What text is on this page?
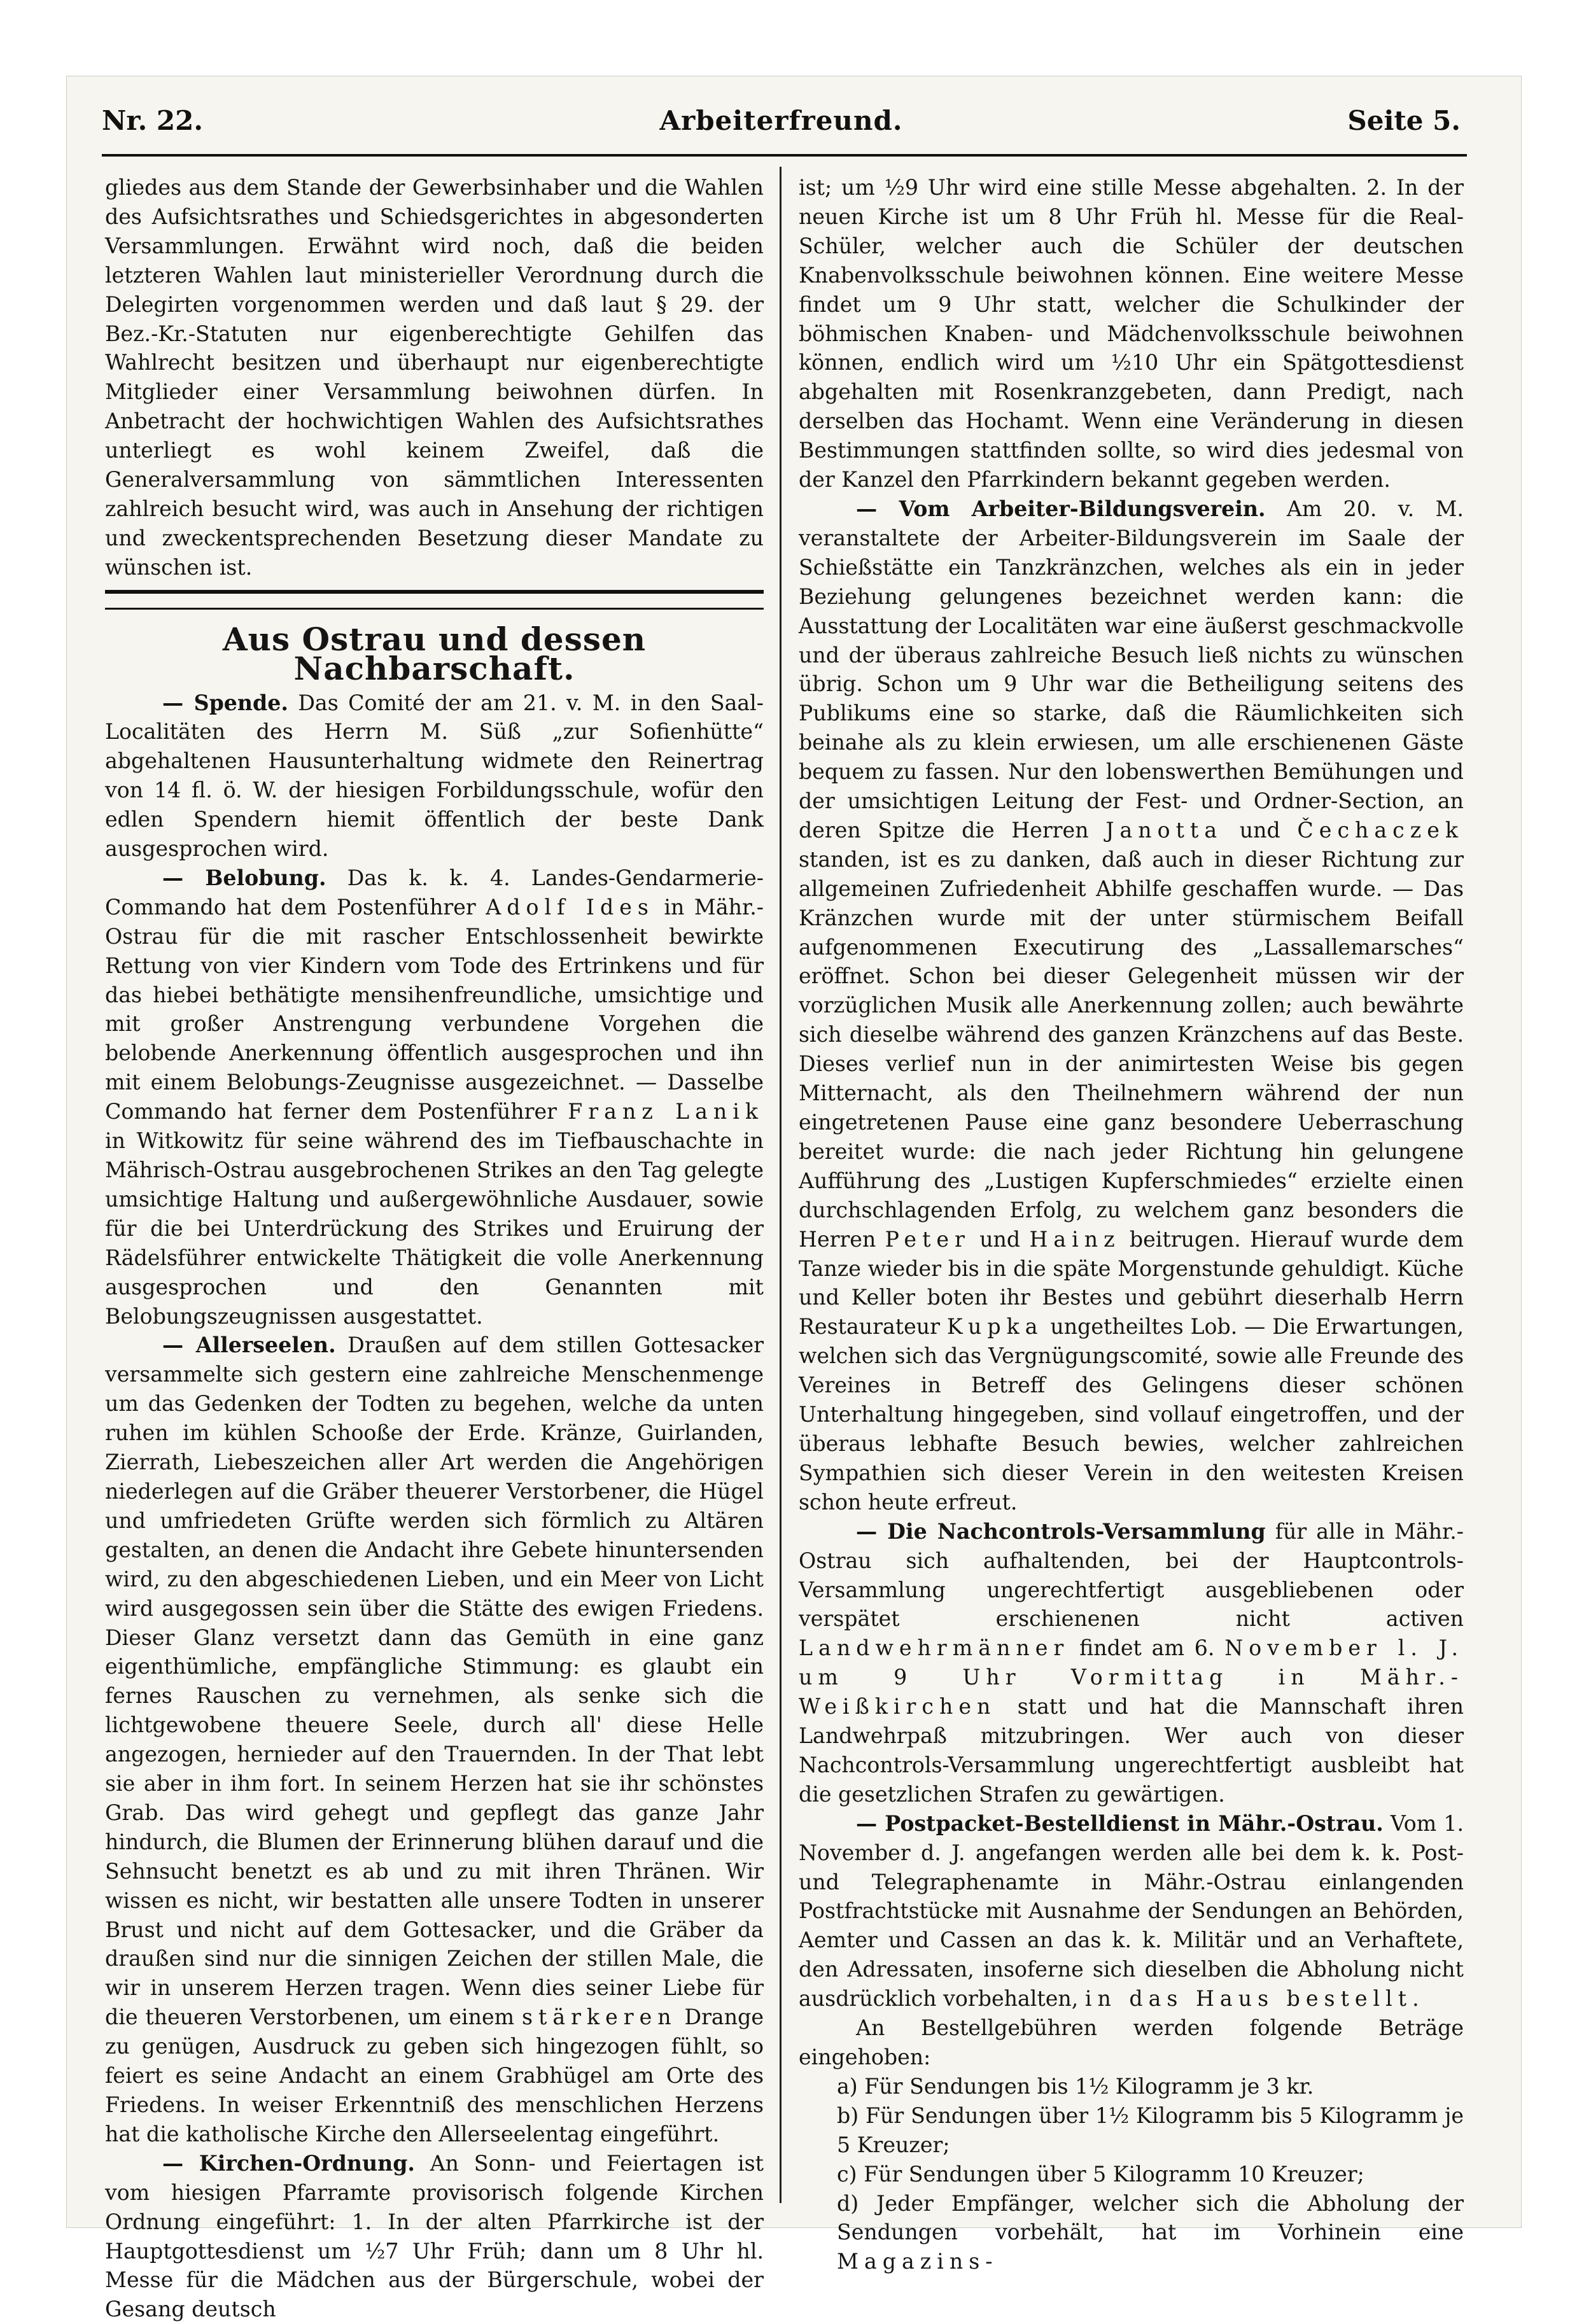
Nr. 22.	Arbeiterfreund.	Seite 5.

gliedes aus dem Stande der Gewerbsinhaber und die Wahlen des Aufsichtsrathes und Schiedsgerichtes in abgesonderten Versammlungen. Erwähnt wird noch, daß die beiden letzteren Wahlen laut ministerieller Verordnung durch die Delegirten vorgenommen werden und daß laut § 29. der Bez.-Kr.-Statuten nur eigenberechtigte Gehilfen das Wahlrecht besitzen und überhaupt nur eigenberechtigte Mitglieder einer Versammlung beiwohnen dürfen. In Anbetracht der hochwichtigen Wahlen des Aufsichtsrathes unterliegt es wohl keinem Zweifel, daß die Generalversammlung von sämmtlichen Interessenten zahlreich besucht wird, was auch in Ansehung der richtigen und zweckentsprechenden Besetzung dieser Mandate zu wünschen ist.

Aus Ostrau und dessen Nachbarschaft.

— Spende. Das Comité der am 21. v. M. in den Saal-Localitäten des Herrn M. Süß „zur Sofienhütte“ abgehaltenen Hausunterhaltung widmete den Reinertrag von 14 fl. ö. W. der hiesigen Forbildungsschule, wofür den edlen Spendern hiemit öffentlich der beste Dank ausgesprochen wird.

— Belobung. Das k. k. 4. Landes-Gendarmerie-Commando hat dem Postenführer Adolf Ides in Mähr.-Ostrau für die mit rascher Entschlossenheit bewirkte Rettung von vier Kindern vom Tode des Ertrinkens und für das hiebei bethätigte mensihenfreundliche, umsichtige und mit großer Anstrengung verbundene Vorgehen die belobende Anerkennung öffentlich ausgesprochen und ihn mit einem Belobungs-Zeugnisse ausgezeichnet. — Dasselbe Commando hat ferner dem Postenführer Franz Lanik in Witkowitz für seine während des im Tiefbauschachte in Mährisch-Ostrau ausgebrochenen Strikes an den Tag gelegte umsichtige Haltung und außergewöhnliche Ausdauer, sowie für die bei Unterdrückung des Strikes und Eruirung der Rädelsführer entwickelte Thätigkeit die volle Anerkennung ausgesprochen und den Genannten mit Belobungszeugnissen ausgestattet.

— Allerseelen. Draußen auf dem stillen Gottesacker versammelte sich gestern eine zahlreiche Menschenmenge um das Gedenken der Todten zu begehen, welche da unten ruhen im kühlen Schooße der Erde. Kränze, Guirlanden, Zierrath, Liebeszeichen aller Art werden die Angehörigen niederlegen auf die Gräber theuerer Verstorbener, die Hügel und umfriedeten Grüfte werden sich förmlich zu Altären gestalten, an denen die Andacht ihre Gebete hinuntersenden wird, zu den abgeschiedenen Lieben, und ein Meer von Licht wird ausgegossen sein über die Stätte des ewigen Friedens. Dieser Glanz versetzt dann das Gemüth in eine ganz eigenthümliche, empfängliche Stimmung: es glaubt ein fernes Rauschen zu vernehmen, als senke sich die lichtgewobene theuere Seele, durch all' diese Helle angezogen, hernieder auf den Trauernden. In der That lebt sie aber in ihm fort. In seinem Herzen hat sie ihr schönstes Grab. Das wird gehegt und gepflegt das ganze Jahr hindurch, die Blumen der Erinnerung blühen darauf und die Sehnsucht benetzt es ab und zu mit ihren Thränen. Wir wissen es nicht, wir bestatten alle unsere Todten in unserer Brust und nicht auf dem Gottesacker, und die Gräber da draußen sind nur die sinnigen Zeichen der stillen Male, die wir in unserem Herzen tragen. Wenn dies seiner Liebe für die theueren Verstorbenen, um einem stärkeren Drange zu genügen, Ausdruck zu geben sich hingezogen fühlt, so feiert es seine Andacht an einem Grabhügel am Orte des Friedens. In weiser Erkenntniß des menschlichen Herzens hat die katholische Kirche den Allerseelentag eingeführt.

— Kirchen-Ordnung. An Sonn- und Feiertagen ist vom hiesigen Pfarramte provisorisch folgende Kirchen Ordnung eingeführt: 1. In der alten Pfarrkirche ist der Hauptgottesdienst um ½7 Uhr Früh; dann um 8 Uhr hl. Messe für die Mädchen aus der Bürgerschule, wobei der Gesang deutsch

ist; um ½9 Uhr wird eine stille Messe abgehalten. 2. In der neuen Kirche ist um 8 Uhr Früh hl. Messe für die Real-Schüler, welcher auch die Schüler der deutschen Knabenvolksschule beiwohnen können. Eine weitere Messe findet um 9 Uhr statt, welcher die Schulkinder der böhmischen Knaben- und Mädchenvolksschule beiwohnen können, endlich wird um ½10 Uhr ein Spätgottesdienst abgehalten mit Rosenkranzgebeten, dann Predigt, nach derselben das Hochamt. Wenn eine Veränderung in diesen Bestimmungen stattfinden sollte, so wird dies jedesmal von der Kanzel den Pfarrkindern bekannt gegeben werden.

— Vom Arbeiter-Bildungsverein. Am 20. v. M. veranstaltete der Arbeiter-Bildungsverein im Saale der Schießstätte ein Tanzkränzchen, welches als ein in jeder Beziehung gelungenes bezeichnet werden kann: die Ausstattung der Localitäten war eine äußerst geschmackvolle und der überaus zahlreiche Besuch ließ nichts zu wünschen übrig. Schon um 9 Uhr war die Betheiligung seitens des Publikums eine so starke, daß die Räumlichkeiten sich beinahe als zu klein erwiesen, um alle erschienenen Gäste bequem zu fassen. Nur den lobenswerthen Bemühungen und der umsichtigen Leitung der Fest- und Ordner-Section, an deren Spitze die Herren Janotta und Čechaczek standen, ist es zu danken, daß auch in dieser Richtung zur allgemeinen Zufriedenheit Abhilfe geschaffen wurde. — Das Kränzchen wurde mit der unter stürmischem Beifall aufgenommenen Executirung des „Lassallemarsches“ eröffnet. Schon bei dieser Gelegenheit müssen wir der vorzüglichen Musik alle Anerkennung zollen; auch bewährte sich dieselbe während des ganzen Kränzchens auf das Beste. Dieses verlief nun in der animirtesten Weise bis gegen Mitternacht, als den Theilnehmern während der nun eingetretenen Pause eine ganz besondere Ueberraschung bereitet wurde: die nach jeder Richtung hin gelungene Aufführung des „Lustigen Kupferschmiedes“ erzielte einen durchschlagenden Erfolg, zu welchem ganz besonders die Herren Peter und Hainz beitrugen. Hierauf wurde dem Tanze wieder bis in die späte Morgenstunde gehuldigt. Küche und Keller boten ihr Bestes und gebührt dieserhalb Herrn Restaurateur Kupka ungetheiltes Lob. — Die Erwartungen, welchen sich das Vergnügungscomité, sowie alle Freunde des Vereines in Betreff des Gelingens dieser schönen Unterhaltung hingegeben, sind vollauf eingetroffen, und der überaus lebhafte Besuch bewies, welcher zahlreichen Sympathien sich dieser Verein in den weitesten Kreisen schon heute erfreut.

— Die Nachcontrols-Versammlung für alle in Mähr.-Ostrau sich aufhaltenden, bei der Hauptcontrols-Versammlung ungerechtfertigt ausgebliebenen oder verspätet erschienenen nicht activen Landwehrmänner findet am 6. November l. J. um 9 Uhr Vormittag in Mähr.-Weißkirchen statt und hat die Mannschaft ihren Landwehrpaß mitzubringen. Wer auch von dieser Nachcontrols-Versammlung ungerechtfertigt ausbleibt hat die gesetzlichen Strafen zu gewärtigen.

— Postpacket-Bestelldienst in Mähr.-Ostrau. Vom 1. November d. J. angefangen werden alle bei dem k. k. Post- und Telegraphenamte in Mähr.-Ostrau einlangenden Postfrachtstücke mit Ausnahme der Sendungen an Behörden, Aemter und Cassen an das k. k. Militär und an Verhaftete, den Adressaten, insoferne sich dieselben die Abholung nicht ausdrücklich vorbehalten, in das Haus bestellt.

An Bestellgebühren werden folgende Beträge eingehoben:

a) Für Sendungen bis 1½ Kilogramm je 3 kr.

b) Für Sendungen über 1½ Kilogramm bis 5 Kilogramm je 5 Kreuzer;

c) Für Sendungen über 5 Kilogramm 10 Kreuzer;

d) Jeder Empfänger, welcher sich die Abholung der Sendungen vorbehält, hat im Vorhinein eine Magazins-
